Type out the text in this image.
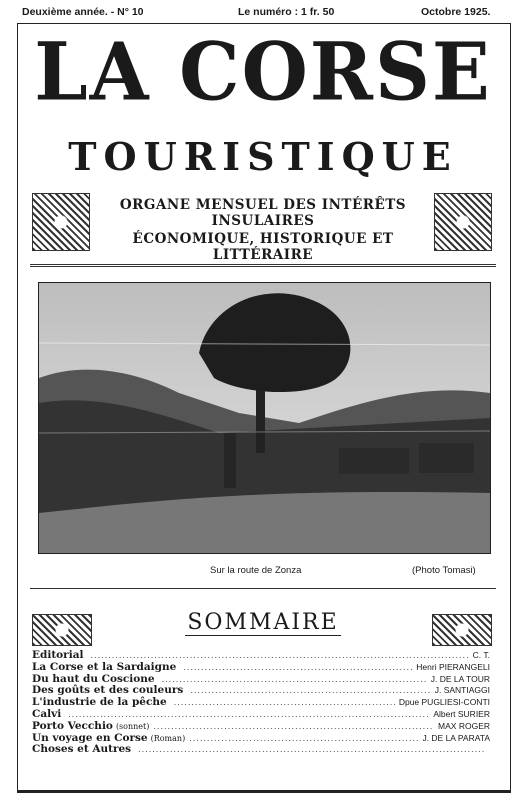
Deuxième année. - N° 10	Le numéro : 1 fr. 50	Octobre 1925.
LA CORSE
TOURISTIQUE
ORGANE MENSUEL DES INTÉRÊTS INSULAIRES
ÉCONOMIQUE, HISTORIQUE ET LITTÉRAIRE
Sur la route de Zonza	(Photo Tomasi)
SOMMAIRE
Editorial .....	C. T.
La Corse et la Sardaigne .....	Henri PIERANGELI
Du haut du Coscione .....	J. DE LA TOUR
Des goûts et des couleurs .....	J. SANTIAGGI
L'industrie de la pêche .....	Dpue PUGLIESI-CONTI
Calvi .....	Albert SURIER
Porto Vecchio (sonnet) .....	MAX ROGER
Un voyage en Corse (Roman) .....	J. DE LA PARATA
Choses et Autres
.....
